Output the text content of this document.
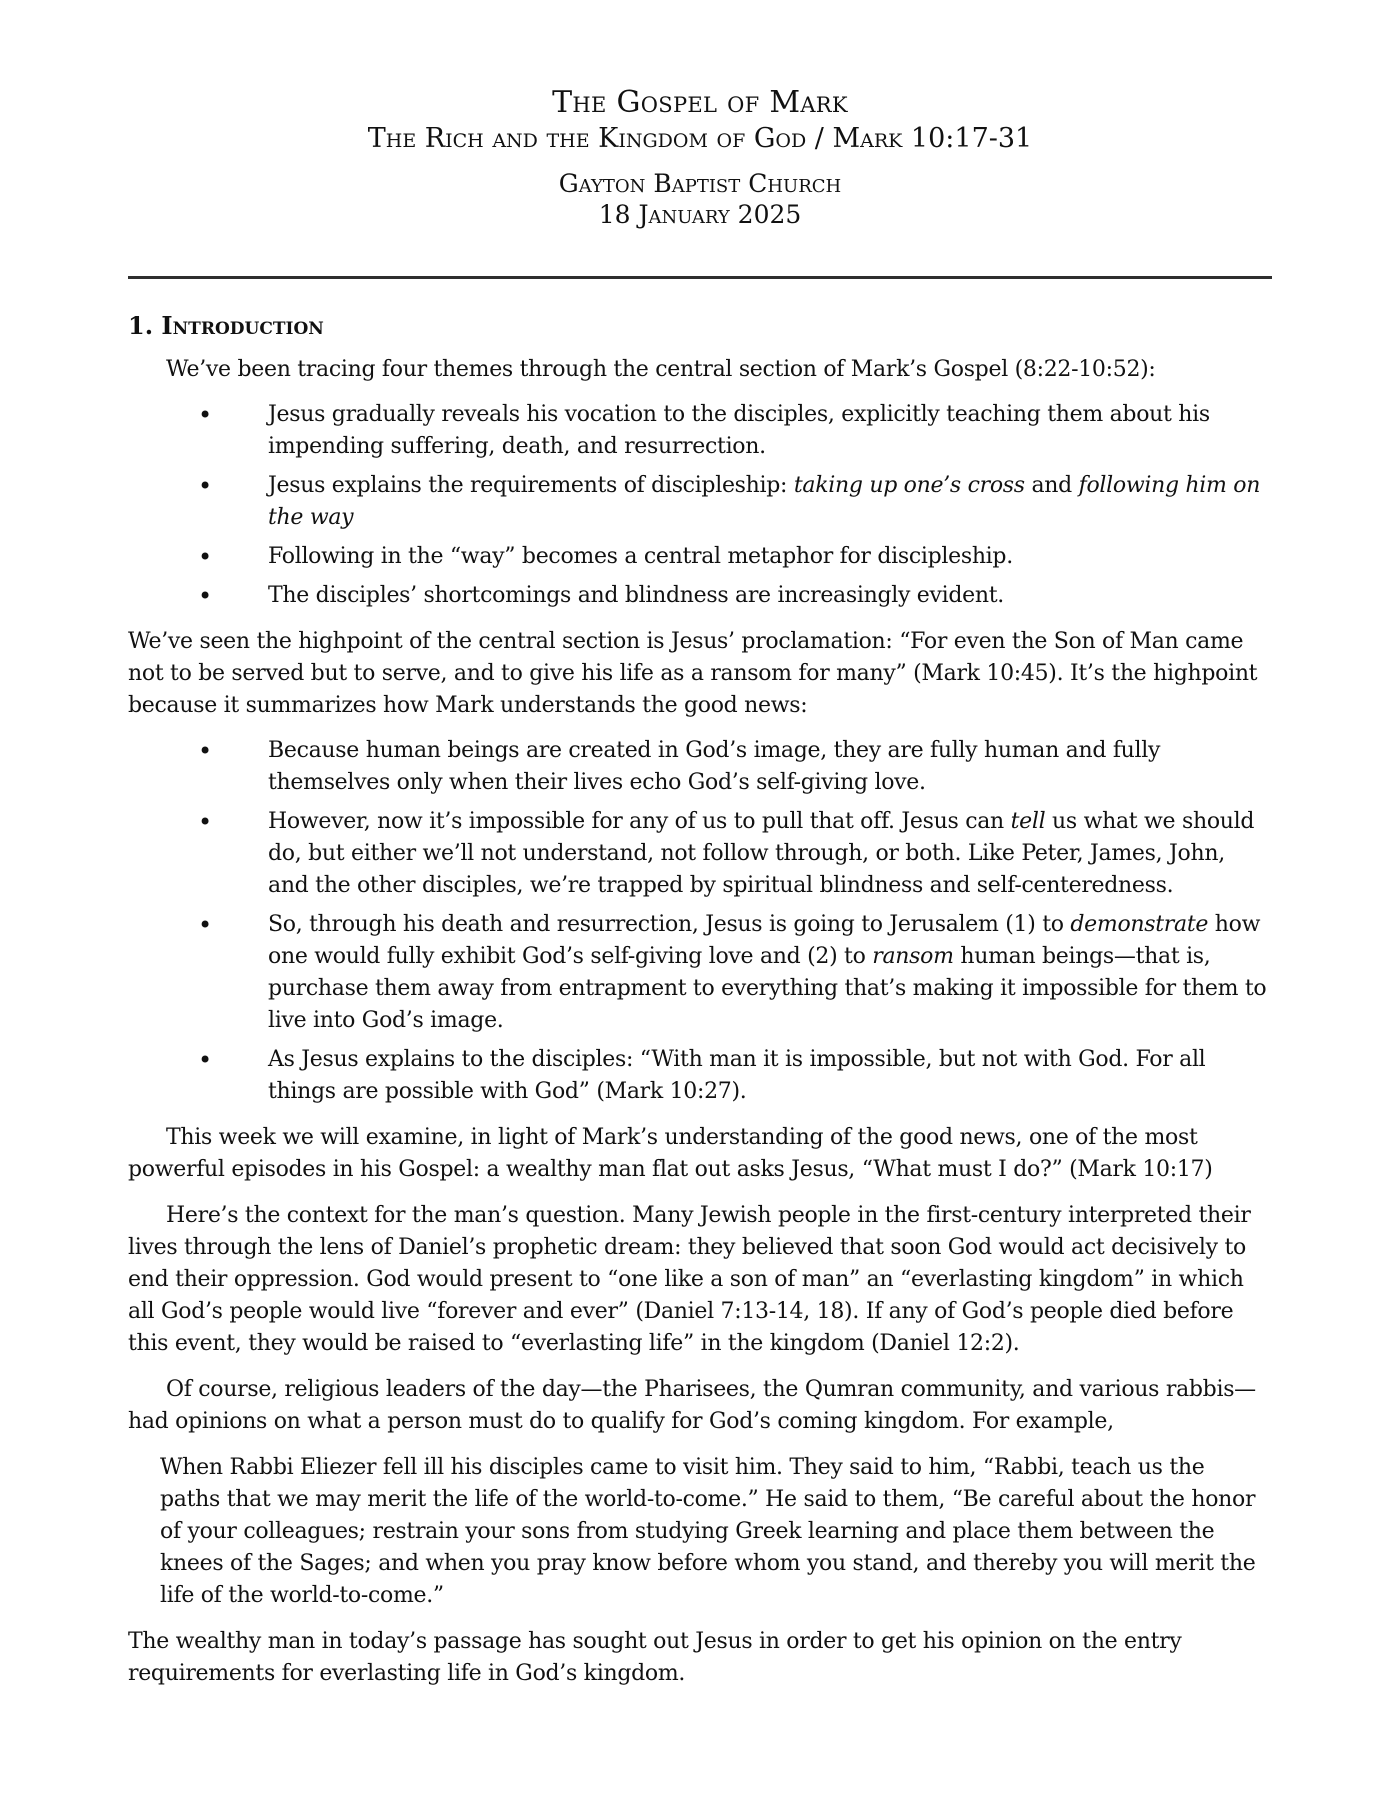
The Gospel of Mark
The Rich and the Kingdom of God / Mark 10:17-31
Gayton Baptist Church
18 January 2025
1. Introduction

We’ve been tracing four themes through the central section of Mark’s Gospel (8:22-10:52):

• Jesus gradually reveals his vocation to the disciples, explicitly teaching them about his impending suffering, death, and resurrection.
• Jesus explains the requirements of discipleship: taking up one’s cross and following him on the way
• Following in the “way” becomes a central metaphor for discipleship.
• The disciples’ shortcomings and blindness are increasingly evident.

We’ve seen the highpoint of the central section is Jesus’ proclamation: “For even the Son of Man came not to be served but to serve, and to give his life as a ransom for many” (Mark 10:45). It’s the highpoint because it summarizes how Mark understands the good news:

• Because human beings are created in God’s image, they are fully human and fully themselves only when their lives echo God’s self-giving love.
• However, now it’s impossible for any of us to pull that off. Jesus can tell us what we should do, but either we’ll not understand, not follow through, or both. Like Peter, James, John, and the other disciples, we’re trapped by spiritual blindness and self-centeredness.
• So, through his death and resurrection, Jesus is going to Jerusalem (1) to demonstrate how one would fully exhibit God’s self-giving love and (2) to ransom human beings—that is, purchase them away from entrapment to everything that’s making it impossible for them to live into God’s image.
• As Jesus explains to the disciples: “With man it is impossible, but not with God. For all things are possible with God” (Mark 10:27).

This week we will examine, in light of Mark’s understanding of the good news, one of the most powerful episodes in his Gospel: a wealthy man flat out asks Jesus, “What must I do?” (Mark 10:17)

Here’s the context for the man’s question. Many Jewish people in the first-century interpreted their lives through the lens of Daniel’s prophetic dream: they believed that soon God would act decisively to end their oppression. God would present to “one like a son of man” an “everlasting kingdom” in which all God’s people would live “forever and ever” (Daniel 7:13-14, 18). If any of God’s people died before this event, they would be raised to “everlasting life” in the kingdom (Daniel 12:2).

Of course, religious leaders of the day—the Pharisees, the Qumran community, and various rabbis—had opinions on what a person must do to qualify for God’s coming kingdom. For example,

When Rabbi Eliezer fell ill his disciples came to visit him. They said to him, “Rabbi, teach us the paths that we may merit the life of the world-to-come.” He said to them, “Be careful about the honor of your colleagues; restrain your sons from studying Greek learning and place them between the knees of the Sages; and when you pray know before whom you stand, and thereby you will merit the life of the world-to-come.”

The wealthy man in today’s passage has sought out Jesus in order to get his opinion on the entry requirements for everlasting life in God’s kingdom.
